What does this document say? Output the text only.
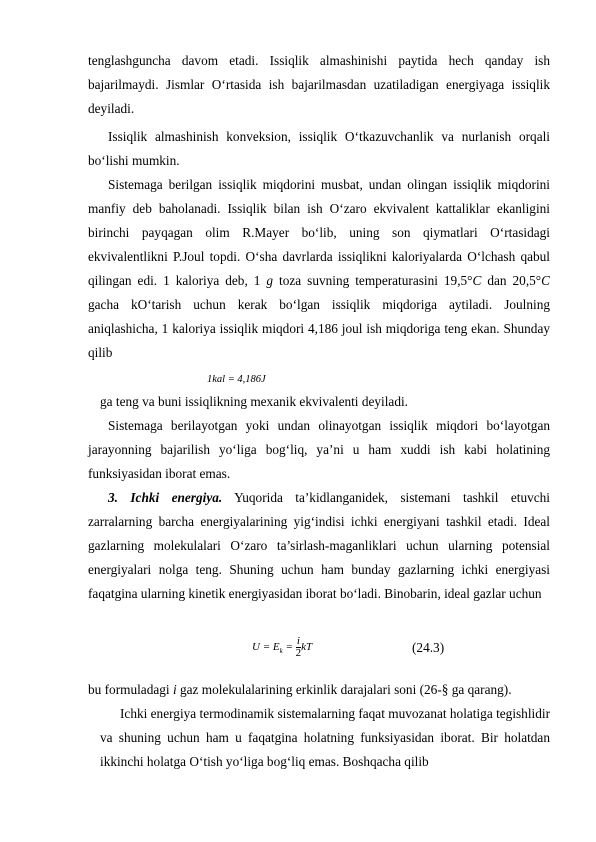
tenglashguncha davom etadi. Issiqlik almashinishi paytida hech qanday ish bajarilmaydi. Jismlar O‘rtasida ish bajarilmasdan uzatiladigan energiyaga issiqlik deyiladi.

Issiqlik almashinish konveksion, issiqlik O‘tkazuvchanlik va nurlanish orqali bo‘lishi mumkin.

Sistemaga berilgan issiqlik miqdorini musbat, undan olingan issiqlik miqdorini manfiy deb baholanadi. Issiqlik bilan ish O‘zaro ekvivalent kattaliklar ekanligini birinchi payqagan olim R.Mayer bo‘lib, uning son qiymatlari O‘rtasidagi ekvivalentlikni P.Joul topdi. O‘sha davrlarda issiqlikni kaloriyalarda O‘lchash qabul qilingan edi. 1 kaloriya deb, 1 g toza suvning temperaturasini 19,5°C dan 20,5°C gacha kO‘tarish uchun kerak bo‘lgan issiqlik miqdoriga aytiladi. Joulning aniqlashicha, 1 kaloriya issiqlik miqdori 4,186 joul ish miqdoriga teng ekan. Shunday qilib

1kal = 4,186J

ga teng va buni issiqlikning mexanik ekvivalenti deyiladi.

Sistemaga berilayotgan yoki undan olinayotgan issiqlik miqdori bo‘layotgan jarayonning bajarilish yo‘liga bog‘liq, ya’ni u ham xuddi ish kabi holatining funksiyasidan iborat emas.

3. Ichki energiya. Yuqorida ta’kidlanganidek, sistemani tashkil etuvchi zarralarning barcha energiyalarining yig‘indisi ichki energiyani tashkil etadi. Ideal gazlarning molekulalari O‘zaro ta’sirlash-maganliklari uchun ularning potensial energiyalari nolga teng. Shuning uchun ham bunday gazlarning ichki energiyasi faqatgina ularning kinetik energiyasidan iborat bo‘ladi. Binobarin, ideal gazlar uchun

$U = E_k = \frac{i}{2}$ kT	(24.3)

bu formuladagi i gaz molekulalarining erkinlik darajalari soni (26-§ ga qarang).

Ichki energiya termodinamik sistemalarning faqat muvozanat holatiga tegishlidir va shuning uchun ham u faqatgina holatning funksiyasidan iborat. Bir holatdan ikkinchi holatga O‘tish yo‘liga bog‘liq emas. Boshqacha qilib
